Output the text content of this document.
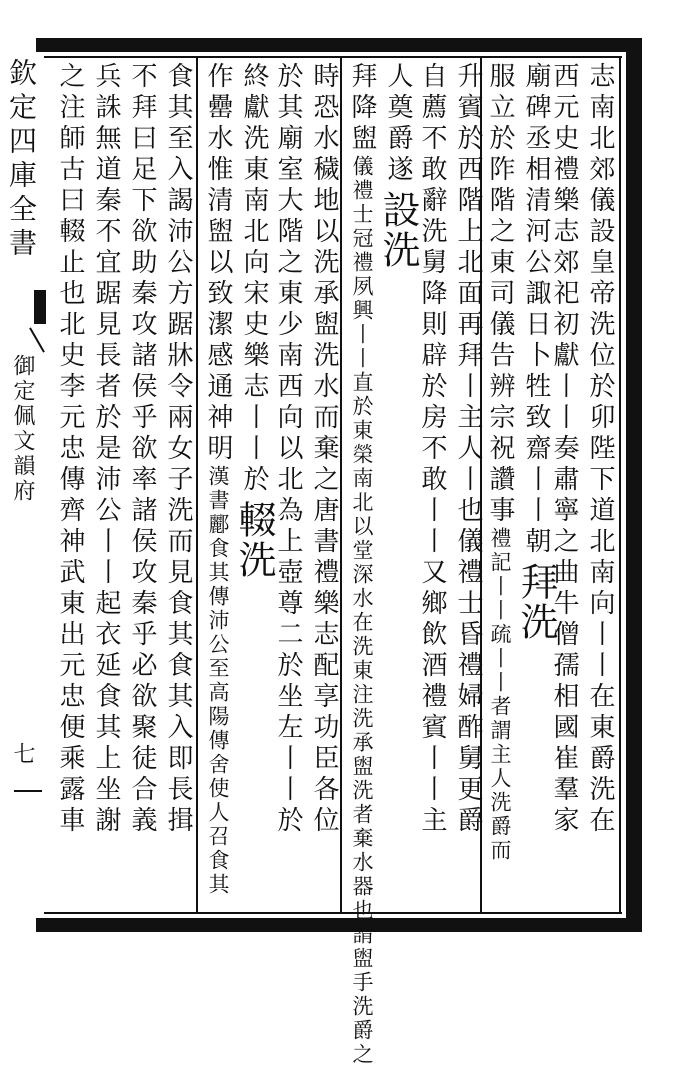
欽定四庫全書
御定佩文韻府
七	志南北郊儀設皇帝洗位於卯陛下道北南向丨丨在東爵洗在
西元史禮樂志郊祀初獻丨丨奏肅寧之曲牛僧孺相國崔羣家
廟碑丞相清河公諏日卜牲致齋丨丨朝拜洗
服立於阼階之東司儀告辨宗祝讚事禮記丨丨疏丨丨者謂主人洗爵而
升賓於西階上北面再拜丨主人丨也儀禮士昏禮婦酢舅更爵
自薦不敢辭洗舅降則辟於房不敢丨丨又鄉飲酒禮賓丨丨主
人奠爵遂設洗
拜降盥儀禮士冠禮夙興丨丨直於東榮南北以堂深水在洗東注洗承盥洗者棄水器也謂盥手洗爵之
時恐水穢地以洗承盥洗水而棄之唐書禮樂志配享功臣各位
於其廟室大階之東少南西向以北為上壺尊二於坐左丨丨於
終獻洗東南北向宋史樂志丨丨於輟洗
作罍水惟清盥以致潔感通神明漢書酈食其傳沛公至高陽傳舍使人召食其
食其至入謁沛公方踞牀令兩女子洗而見食其食其入即長揖
不拜曰足下欲助秦攻諸侯乎欲率諸侯攻秦乎必欲聚徒合義
兵誅無道秦不宜踞見長者於是沛公丨丨起衣延食其上坐謝
之注師古曰輟止也北史李元忠傳齊神武東出元忠便乘露車
